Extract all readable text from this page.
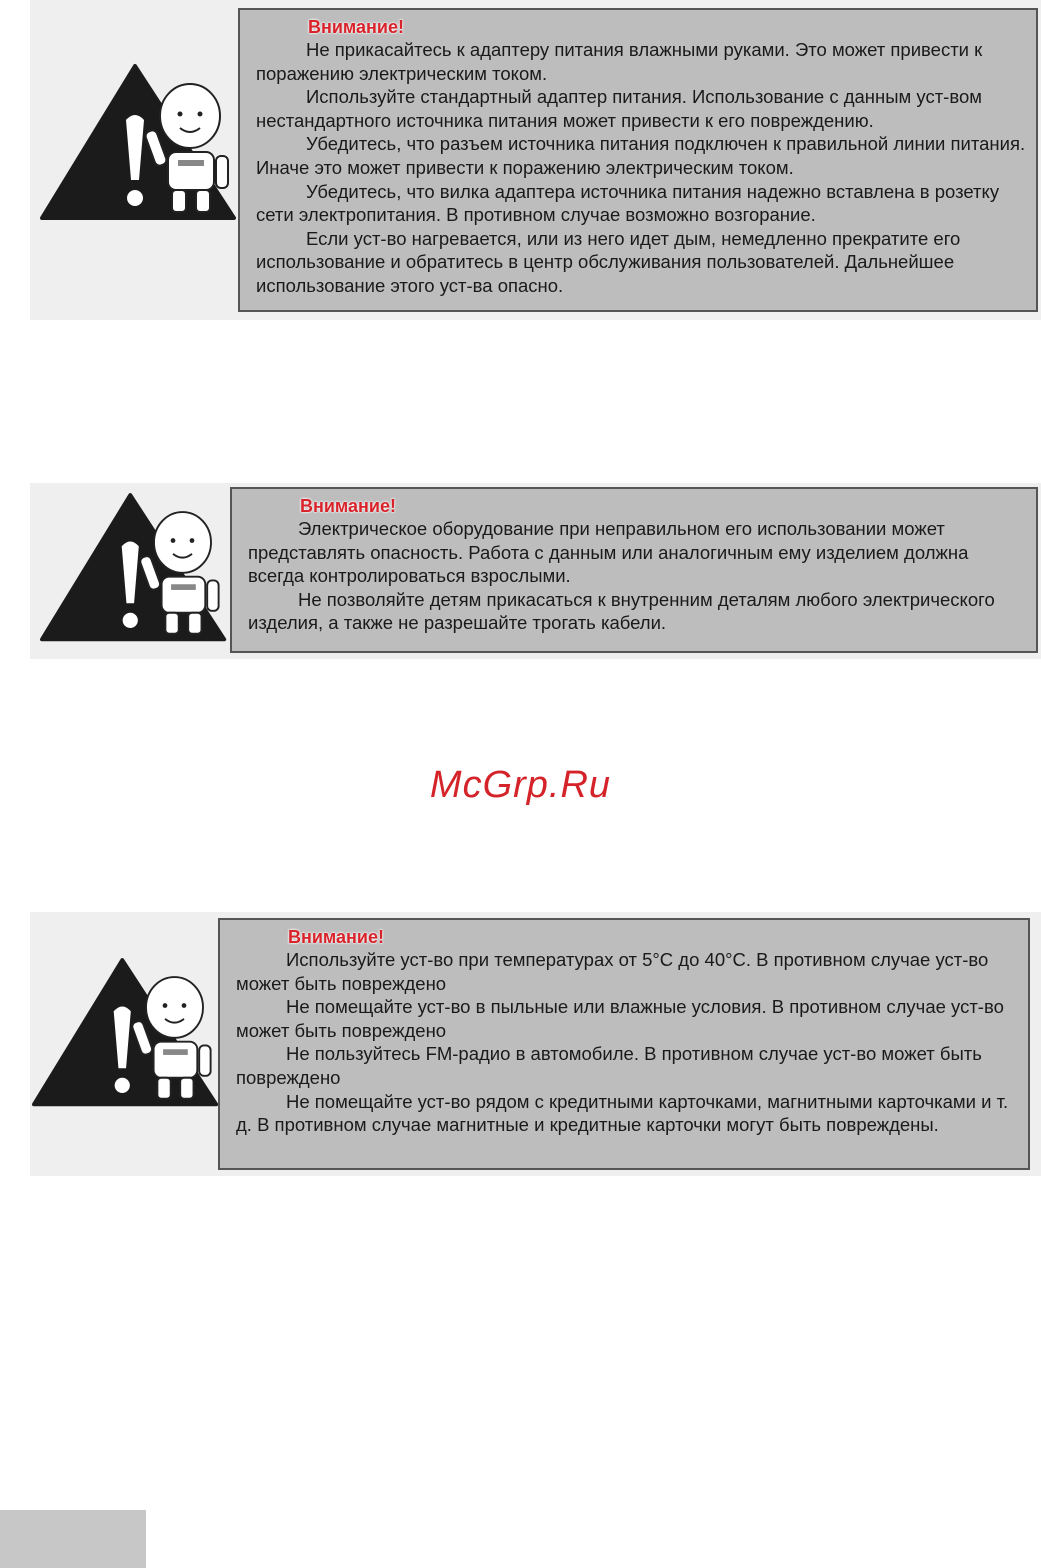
Внимание!

Не прикасайтесь к адаптеру питания влажными руками. Это может привести к поражению электрическим током.

Используйте стандартный адаптер питания. Использование с данным уст-вом нестандартного источника питания может привести к его повреждению.

Убедитесь, что разъем источника питания подключен к правильной линии питания. Иначе это может привести к поражению электрическим током.

Убедитесь, что вилка адаптера источника питания надежно вставлена в розетку сети электропитания. В противном случае возможно возгорание.

Если уст-во нагревается, или из него идет дым, немедленно прекратите его использование и обратитесь в центр обслуживания пользователей. Дальнейшее использование этого уст-ва опасно.

Внимание!

Электрическое оборудование при неправильном его использовании может представлять опасность. Работа с данным или аналогичным ему изделием должна всегда контролироваться взрослыми.

Не позволяйте детям прикасаться к внутренним деталям любого электрического изделия, а также не разрешайте трогать кабели.

McGrp.Ru
Внимание!

Используйте уст-во при температурах от 5°C до 40°C. В противном случае уст-во может быть повреждено

Не помещайте уст-во в пыльные или влажные условия. В противном случае уст-во может быть повреждено

Не пользуйтесь FM-радио в автомобиле. В противном случае уст-во может быть повреждено

Не помещайте уст-во рядом с кредитными карточками, магнитными карточками и т. д. В противном случае магнитные и кредитные карточки могут быть повреждены.
